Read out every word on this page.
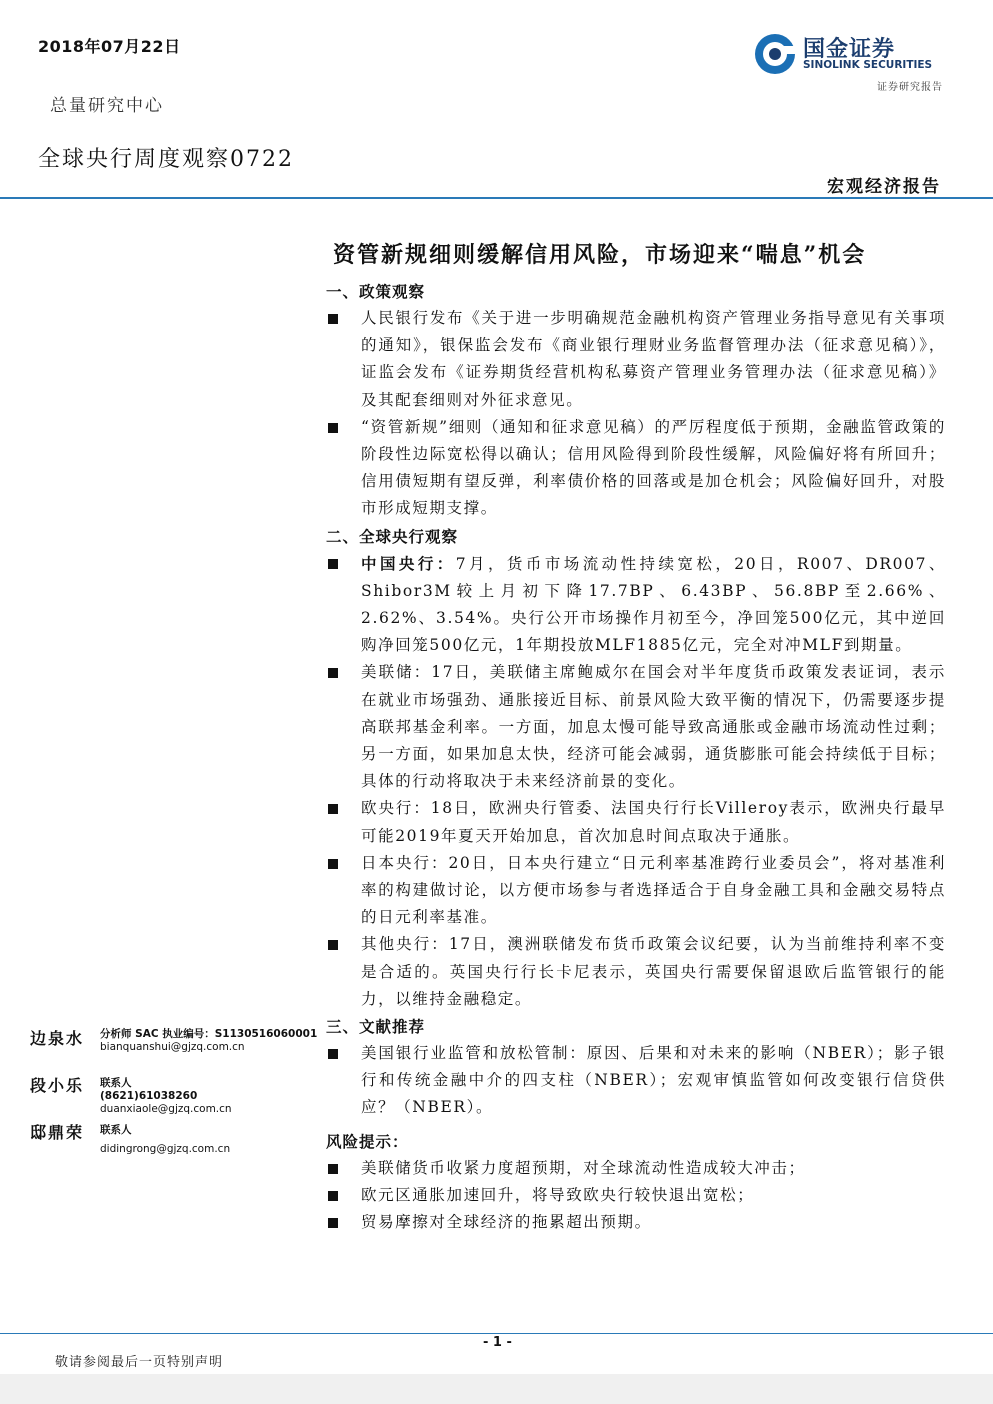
2018年07月22日
总量研究中心
全球央行周度观察0722
国金证券
SINOLINK SECURITIES
证券研究报告
宏观经济报告
资管新规细则缓解信用风险，市场迎来“喘息”机会
一、政策观察
人民银行发布《关于进一步明确规范金融机构资产管理业务指导意见有关事项的通知》，银保监会发布《商业银行理财业务监督管理办法（征求意见稿）》，证监会发布《证券期货经营机构私募资产管理业务管理办法（征求意见稿）》及其配套细则对外征求意见。
“资管新规”细则（通知和征求意见稿）的严厉程度低于预期，金融监管政策的阶段性边际宽松得以确认；信用风险得到阶段性缓解，风险偏好将有所回升；信用债短期有望反弹，利率债价格的回落或是加仓机会；风险偏好回升，对股市形成短期支撑。
二、全球央行观察
中国央行：7月，货币市场流动性持续宽松，20日，R007、DR007、Shibor3M较上月初下降17.7BP、6.43BP、56.8BP至2.66%、2.62%、3.54%。央行公开市场操作月初至今，净回笼500亿元，其中逆回购净回笼500亿元，1年期投放MLF1885亿元，完全对冲MLF到期量。
美联储：17日，美联储主席鲍威尔在国会对半年度货币政策发表证词，表示在就业市场强劲、通胀接近目标、前景风险大致平衡的情况下，仍需要逐步提高联邦基金利率。一方面，加息太慢可能导致高通胀或金融市场流动性过剩；另一方面，如果加息太快，经济可能会减弱，通货膨胀可能会持续低于目标；具体的行动将取决于未来经济前景的变化。
欧央行：18日，欧洲央行管委、法国央行行长Villeroy表示，欧洲央行最早可能2019年夏天开始加息，首次加息时间点取决于通胀。
日本央行：20日，日本央行建立“日元利率基准跨行业委员会”，将对基准利率的构建做讨论，以方便市场参与者选择适合于自身金融工具和金融交易特点的日元利率基准。
其他央行：17日，澳洲联储发布货币政策会议纪要，认为当前维持利率不变是合适的。英国央行行长卡尼表示，英国央行需要保留退欧后监管银行的能力，以维持金融稳定。
三、文献推荐
美国银行业监管和放松管制：原因、后果和对未来的影响（NBER）；影子银行和传统金融中介的四支柱（NBER）；宏观审慎监管如何改变银行信贷供应？（NBER）。
风险提示：
美联储货币收紧力度超预期，对全球流动性造成较大冲击；
欧元区通胀加速回升，将导致欧央行较快退出宽松；
贸易摩擦对全球经济的拖累超出预期。
边泉水 分析师 SAC 执业编号：S1130516060001
bianquanshui@gjzq.com.cn
段小乐 联系人
(8621)61038260
duanxiaole@gjzq.com.cn
邸鼎荣 联系人
didingrong@gjzq.com.cn
- 1 -
敬请参阅最后一页特别声明
